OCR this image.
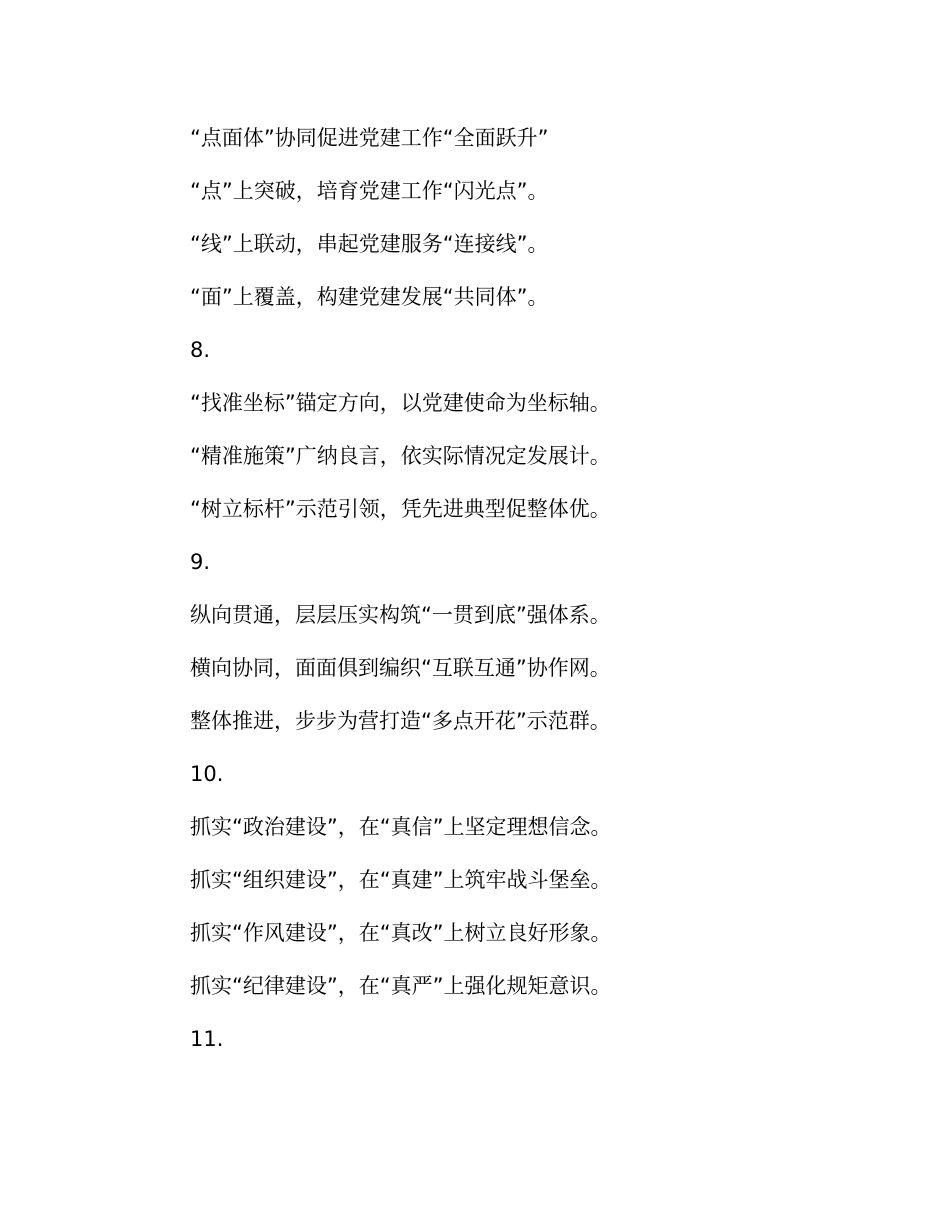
“点面体”协同促进党建工作“全面跃升”
“点”上突破，培育党建工作“闪光点”。
“线”上联动，串起党建服务“连接线”。
“面”上覆盖，构建党建发展“共同体”。
8.
“找准坐标”锚定方向，以党建使命为坐标轴。
“精准施策”广纳良言，依实际情况定发展计。
“树立标杆”示范引领，凭先进典型促整体优。
9.
纵向贯通，层层压实构筑“一贯到底”强体系。
横向协同，面面俱到编织“互联互通”协作网。
整体推进，步步为营打造“多点开花”示范群。
10.
抓实“政治建设”，在“真信”上坚定理想信念。
抓实“组织建设”，在“真建”上筑牢战斗堡垒。
抓实“作风建设”，在“真改”上树立良好形象。
抓实“纪律建设”，在“真严”上强化规矩意识。
11.
